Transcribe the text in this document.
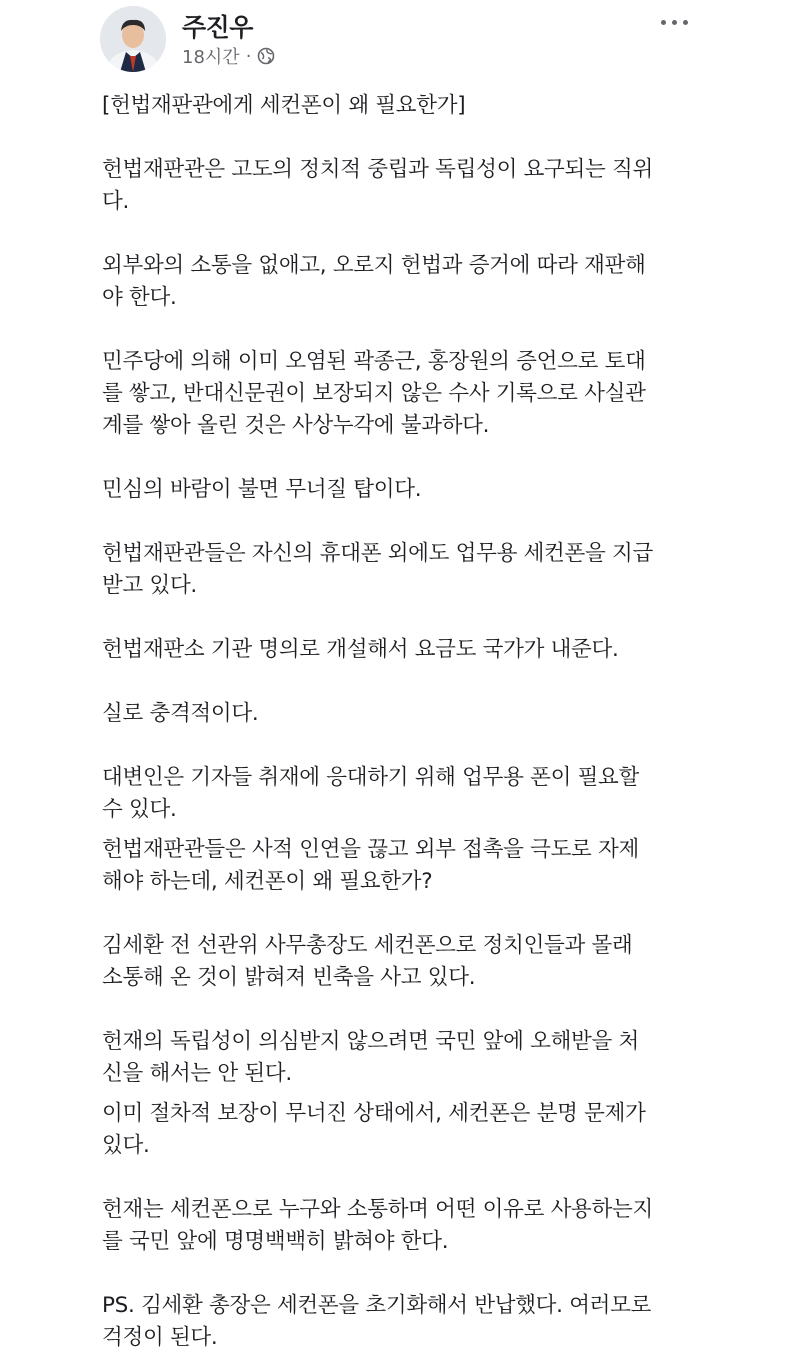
주진우
18시간 ·

[헌법재판관에게 세컨폰이 왜 필요한가]

헌법재판관은 고도의 정치적 중립과 독립성이 요구되는 직위
다.

외부와의 소통을 없애고, 오로지 헌법과 증거에 따라 재판해
야 한다.

민주당에 의해 이미 오염된 곽종근, 홍장원의 증언으로 토대
를 쌓고, 반대신문권이 보장되지 않은 수사 기록으로 사실관
계를 쌓아 올린 것은 사상누각에 불과하다.

민심의 바람이 불면 무너질 탑이다.

헌법재판관들은 자신의 휴대폰 외에도 업무용 세컨폰을 지급
받고 있다.

헌법재판소 기관 명의로 개설해서 요금도 국가가 내준다.

실로 충격적이다.

대변인은 기자들 취재에 응대하기 위해 업무용 폰이 필요할
수 있다.

헌법재판관들은 사적 인연을 끊고 외부 접촉을 극도로 자제
해야 하는데, 세컨폰이 왜 필요한가?

김세환 전 선관위 사무총장도 세컨폰으로 정치인들과 몰래
소통해 온 것이 밝혀져 빈축을 사고 있다.

헌재의 독립성이 의심받지 않으려면 국민 앞에 오해받을 처
신을 해서는 안 된다.

이미 절차적 보장이 무너진 상태에서, 세컨폰은 분명 문제가
있다.

헌재는 세컨폰으로 누구와 소통하며 어떤 이유로 사용하는지
를 국민 앞에 명명백백히 밝혀야 한다.

PS. 김세환 총장은 세컨폰을 초기화해서 반납했다. 여러모로
걱정이 된다.
